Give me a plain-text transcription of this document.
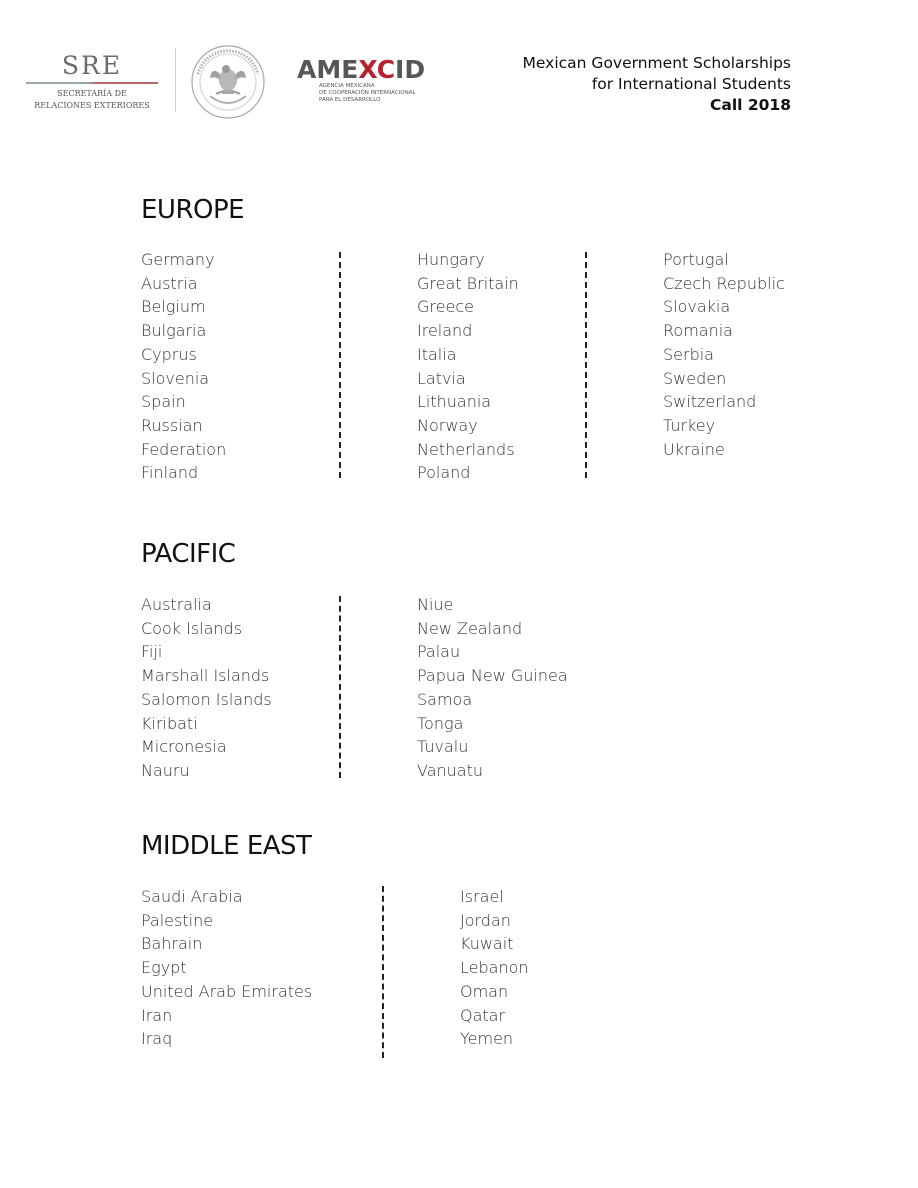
SRE
SECRETARÍA DE
RELACIONES EXTERIORES
AMEXCID
AGENCIA MEXICANA
DE COOPERACIÓN INTERNACIONAL
PARA EL DESARROLLO
Mexican Government Scholarships
for International Students
Call 2018
EUROPE
Germany
Austria
Belgium
Bulgaria
Cyprus
Slovenia
Spain
Russian
Federation
Finland
Hungary
Great Britain
Greece
Ireland
Italia
Latvia
Lithuania
Norway
Netherlands
Poland
Portugal
Czech Republic
Slovakia
Romania
Serbia
Sweden
Switzerland
Turkey
Ukraine
PACIFIC
Australia
Cook Islands
Fiji
Marshall Islands
Salomon Islands
Kiribati
Micronesia
Nauru
Niue
New Zealand
Palau
Papua New Guinea
Samoa
Tonga
Tuvalu
Vanuatu
MIDDLE EAST
Saudi Arabia
Palestine
Bahrain
Egypt
United Arab Emirates
Iran
Iraq
Israel
Jordan
Kuwait
Lebanon
Oman
Qatar
Yemen
